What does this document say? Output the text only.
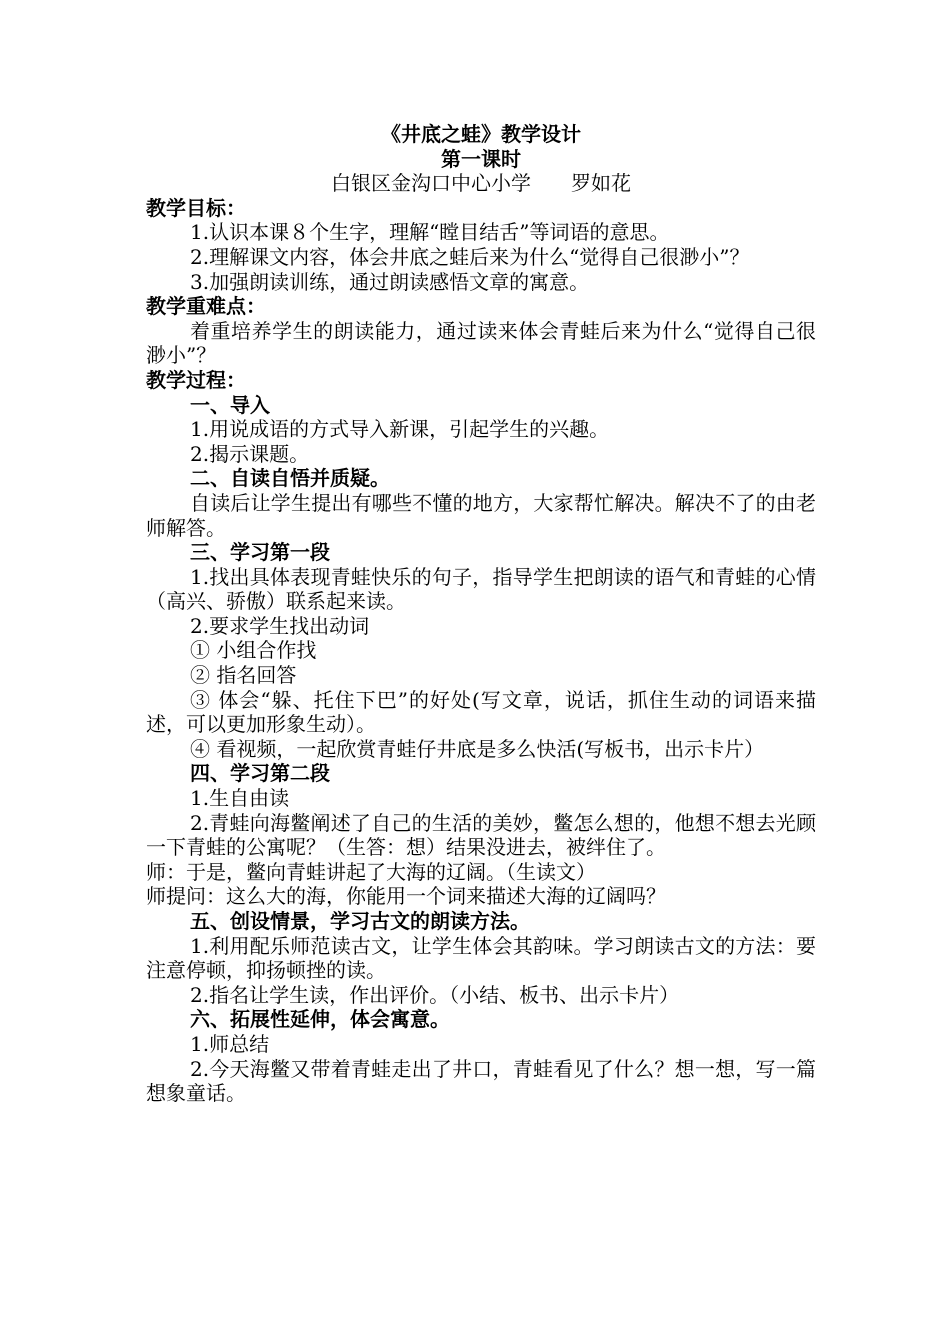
《井底之蛙》教学设计
第一课时
白银区金沟口中心小学　　罗如花
教学目标：
1.认识本课８个生字，理解“瞠目结舌”等词语的意思。
2.理解课文内容，体会井底之蛙后来为什么“觉得自己很渺小”？
3.加强朗读训练，通过朗读感悟文章的寓意。
教学重难点：
着重培养学生的朗读能力，通过读来体会青蛙后来为什么“觉得自己很渺小”？
教学过程：
一、导入
1.用说成语的方式导入新课，引起学生的兴趣。
2.揭示课题。
二、自读自悟并质疑。
自读后让学生提出有哪些不懂的地方，大家帮忙解决。解决不了的由老师解答。
三、学习第一段
1.找出具体表现青蛙快乐的句子，指导学生把朗读的语气和青蛙的心情（高兴、骄傲）联系起来读。
2.要求学生找出动词
① 小组合作找
② 指名回答
③ 体会“躲、托住下巴”的好处(写文章，说话，抓住生动的词语来描述，可以更加形象生动）。
④ 看视频，一起欣赏青蛙仔井底是多么快活(写板书，出示卡片）
四、学习第二段
1.生自由读
2.青蛙向海鳖阐述了自己的生活的美妙，鳖怎么想的，他想不想去光顾一下青蛙的公寓呢？（生答：想）结果没进去，被绊住了。
师：于是，鳖向青蛙讲起了大海的辽阔。（生读文）
师提问：这么大的海，你能用一个词来描述大海的辽阔吗？
五、创设情景，学习古文的朗读方法。
1.利用配乐师范读古文，让学生体会其韵味。学习朗读古文的方法：要注意停顿，抑扬顿挫的读。
2.指名让学生读，作出评价。（小结、板书、出示卡片）
六、拓展性延伸，体会寓意。
1.师总结
2.今天海鳖又带着青蛙走出了井口，青蛙看见了什么？想一想，写一篇想象童话。
